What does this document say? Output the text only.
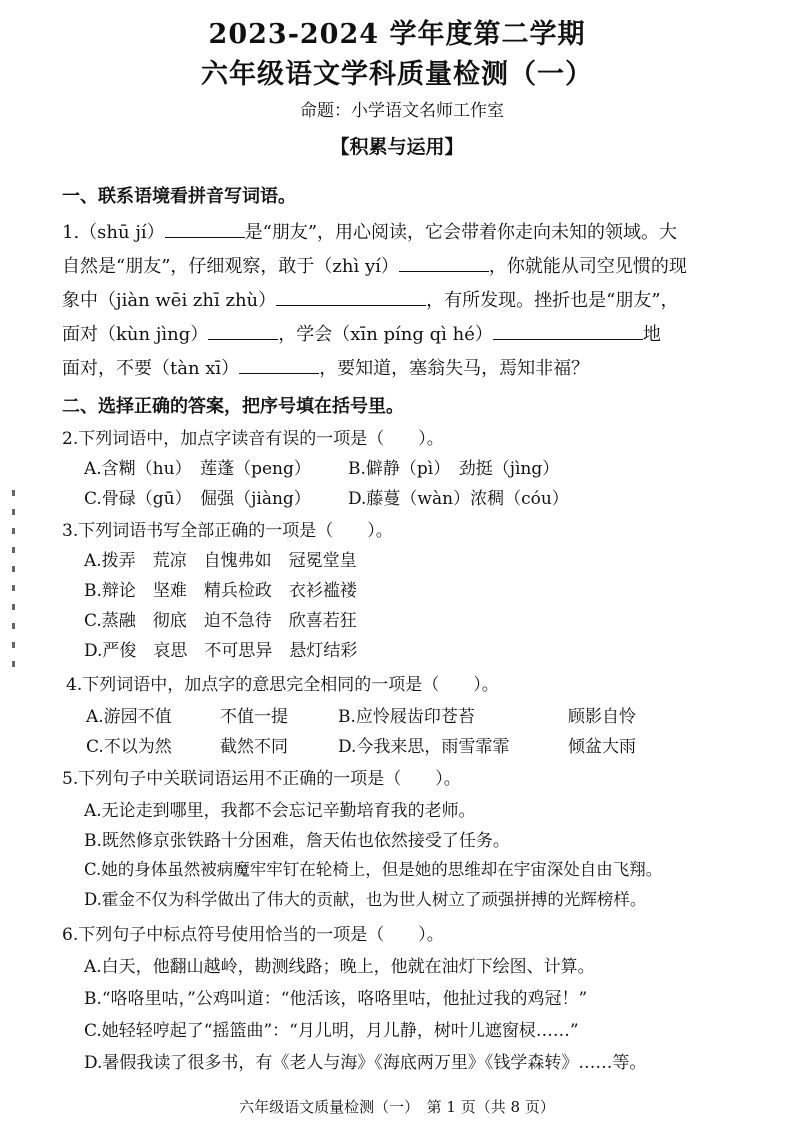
2023-2024 学年度第二学期
六年级语文学科质量检测（一）
命题：小学语文名师工作室
【积累与运用】
一、联系语境看拼音写词语。
1.（shū jí）	是“朋友”，用心阅读，它会带着你走向未知的领域。大
自然是“朋友”，仔细观察，敢于（zhì yí）	，你就能从司空见惯的现
象中（jiàn wēi zhī zhù）	，有所发现。挫折也是“朋友”，
面对（kùn jìng）	，学会（xīn píng qì hé）	地
面对，不要（tàn xī）	，要知道，塞翁失马，焉知非福？
二、选择正确的答案，把序号填在括号里。
2.下列词语中，加点字读音有误的一项是（　　）。
A.含糊（hu）　莲蓬（peng） B.僻静（pì）　劲挺（jìng）
C.骨碌（gū）　倔强（jiàng） D.藤蔓（wàn）浓稠（cóu）
3.下列词语书写全部正确的一项是（　　）。
A.拨弄　荒凉　自愧弗如　冠冕堂皇
B.辩论　坚难　精兵检政　衣衫褴褛
C.蒸融　彻底　迫不急待　欣喜若狂
D.严俊　哀思　不可思异　悬灯结彩
4.下列词语中，加点字的意思完全相同的一项是（　　）。
A.游园不值	不值一提	B.应怜屐齿印苍苔	顾影自怜
C.不以为然	截然不同	D.今我来思，雨雪霏霏	倾盆大雨
5.下列句子中关联词语运用不正确的一项是（　　）。
A.无论走到哪里，我都不会忘记辛勤培育我的老师。
B.既然修京张铁路十分困难，詹天佑也依然接受了任务。
C.她的身体虽然被病魔牢牢钉在轮椅上，但是她的思维却在宇宙深处自由飞翔。
D.霍金不仅为科学做出了伟大的贡献，也为世人树立了顽强拼搏的光辉榜样。
6.下列句子中标点符号使用恰当的一项是（　　）。
A.白天，他翻山越岭，勘测线路；晚上，他就在油灯下绘图、计算。
B.“咯咯里咕，”公鸡叫道：“他活该，咯咯里咕，他扯过我的鸡冠！”
C.她轻轻哼起了“摇篮曲”：“月儿明，月儿静，树叶儿遮窗棂……”
D.暑假我读了很多书，有《老人与海》《海底两万里》《钱学森转》……等。
六年级语文质量检测（一）　第 1 页（共 8 页）
